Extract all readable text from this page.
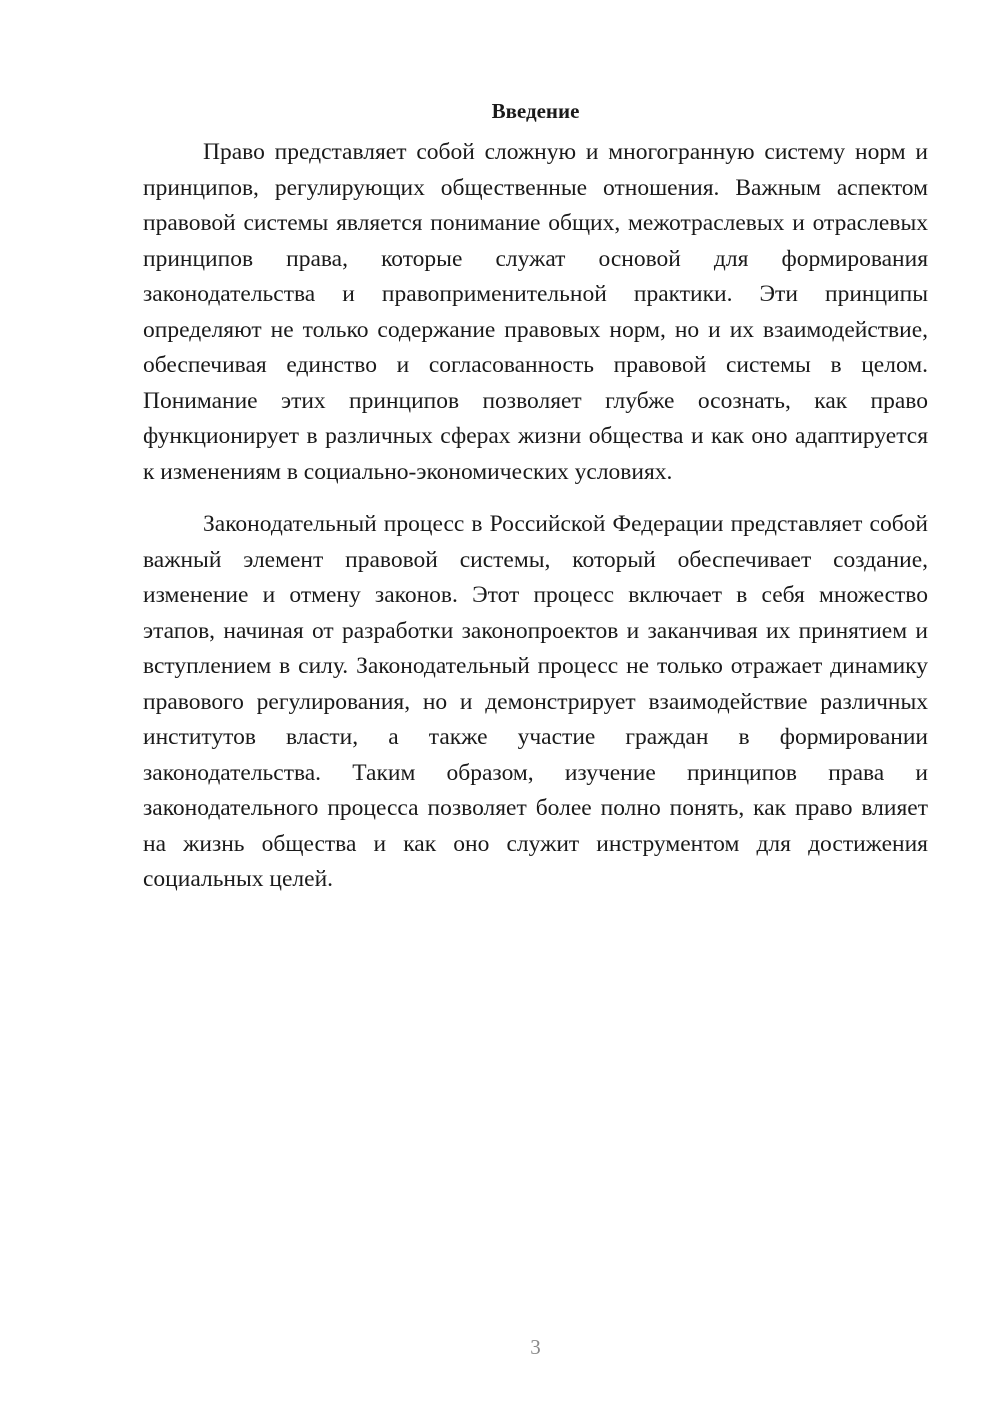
Введение

Право представляет собой сложную и многогранную систему норм и принципов, регулирующих общественные отношения. Важным аспектом правовой системы является понимание общих, межотраслевых и отраслевых принципов права, которые служат основой для формирования законодательства и правоприменительной практики. Эти принципы определяют не только содержание правовых норм, но и их взаимодействие, обеспечивая единство и согласованность правовой системы в целом. Понимание этих принципов позволяет глубже осознать, как право функционирует в различных сферах жизни общества и как оно адаптируется к изменениям в социально-экономических условиях.

Законодательный процесс в Российской Федерации представляет собой важный элемент правовой системы, который обеспечивает создание, изменение и отмену законов. Этот процесс включает в себя множество этапов, начиная от разработки законопроектов и заканчивая их принятием и вступлением в силу. Законодательный процесс не только отражает динамику правового регулирования, но и демонстрирует взаимодействие различных институтов власти, а также участие граждан в формировании законодательства. Таким образом, изучение принципов права и законодательного процесса позволяет более полно понять, как право влияет на жизнь общества и как оно служит инструментом для достижения социальных целей.

3
